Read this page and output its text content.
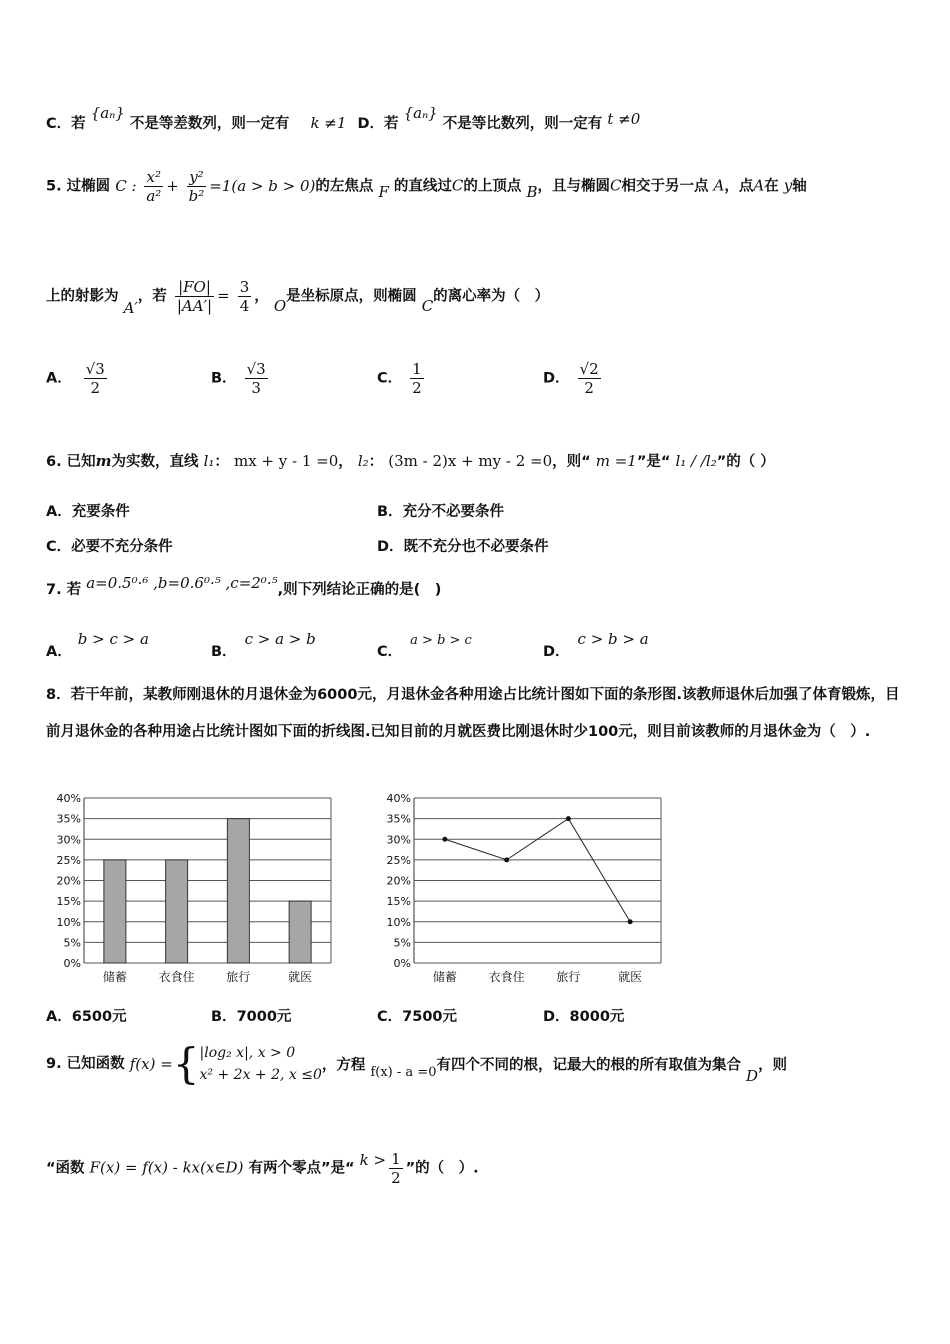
C．若 {aₙ} 不是等差数列，则一定有 k ≠1 D．若 {aₙ} 不是等比数列，则一定有 t ≠0
5. 过椭圆 C : $\frac{\text{x²}}{\text{a²}} + \frac{\text{y²}}{\text{b²}} =1(a > b > 0)$的左焦点 F 的直线过C的上顶点 B，且与椭圆C相交于另一点 A，点A在 y轴
上的射影为 A′，若 $\frac{|FO|}{|AA'|} = \frac{3}{4}$ ， O是坐标原点，则椭圆 C的离心率为（　）
A． $\frac{√3}{2}$	B． $\frac{√3}{3}$	C． $\frac{1}{2}$	D． $\frac{√2}{2}$
6. 已知m为实数，直线 l₁： mx + y - 1 =0， l₂： (3m - 2)x + my - 2 =0，则“ m =1”是“ l₁ / /l₂”的（ ）
A．充要条件	B．充分不必要条件
C．必要不充分条件	D．既不充分也不必要条件
7. 若 a=0.5⁰·⁶ ,b=0.6⁰·⁵ ,c=2⁰·⁵,则下列结论正确的是(　)
A．b > c > a
B．c > a > b
C．a > b > c
D．c > b > a
8．若干年前，某教师刚退休的月退休金为6000元，月退休金各种用途占比统计图如下面的条形图.该教师退休后加强了体育锻炼，目前月退休金的各种用途占比统计图如下面的折线图.已知目前的月就医费比刚退休时少100元，则目前该教师的月退休金为（　）.
0%
5%
10%
15%
20%
25%
30%
35%
40%
储蓄	衣食住	旅行	就医
0%
5%
10%
15%
20%
25%
30%
35%
40%
储蓄	衣食住	旅行	就医
A．6500元	B．7000元	C．7500元	D．8000元
9. 已知函数 f(x) ={ |log₂ x|, x > 0
x² + 2x + 2, x ≤0
，方程 f(x) - a =0有四个不同的根，记最大的根的所有取值为集合 D，则
“函数 F(x) = f(x) - kx(x∈D) 有两个零点”是“ $k > \frac{1}{2}$ ”的（　）.
